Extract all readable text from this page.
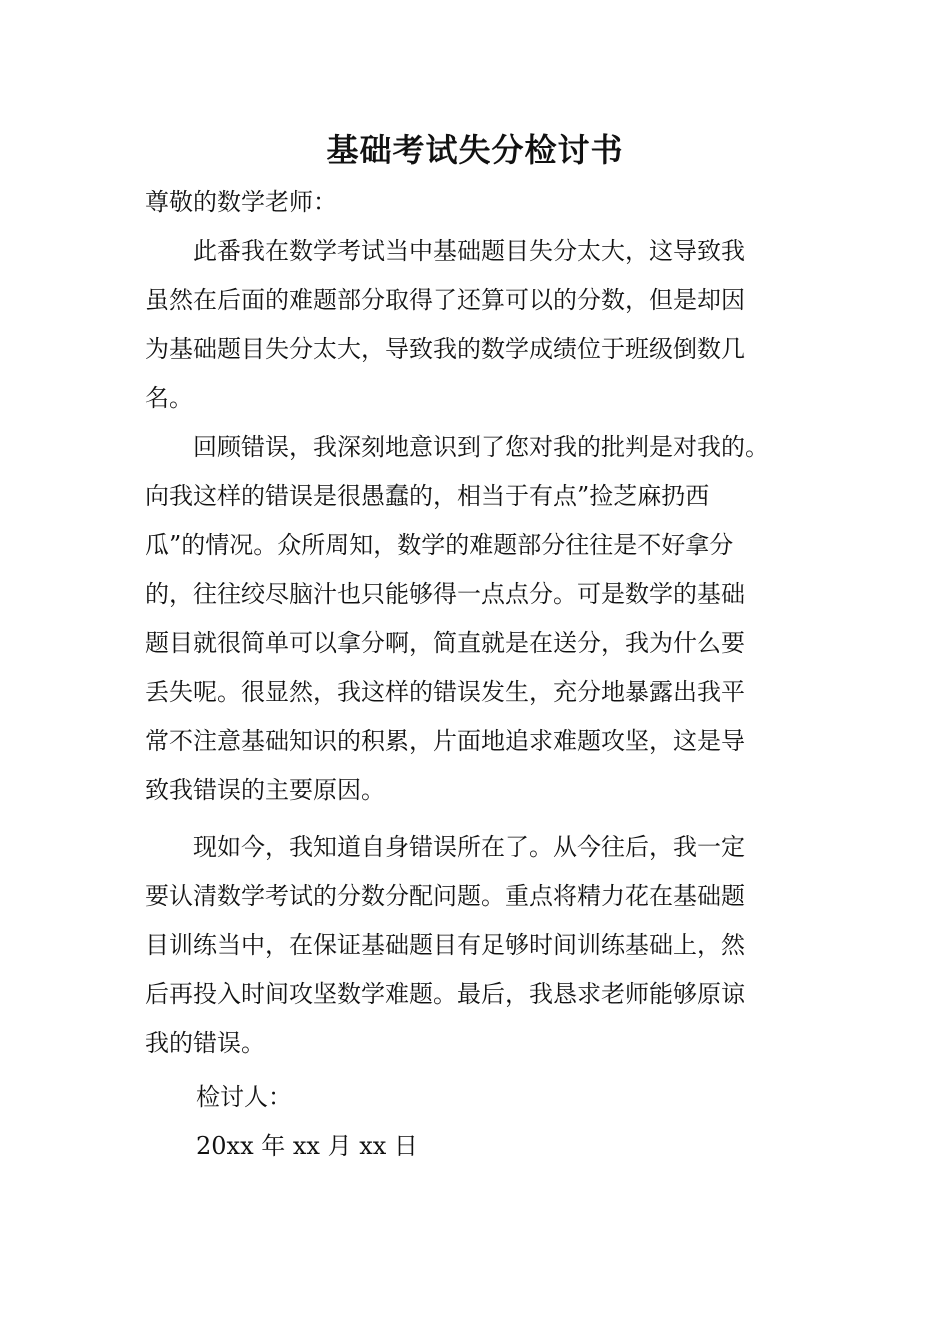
基础考试失分检讨书
尊敬的数学老师：
　　此番我在数学考试当中基础题目失分太大，这导致我
虽然在后面的难题部分取得了还算可以的分数，但是却因
为基础题目失分太大，导致我的数学成绩位于班级倒数几
名。
　　回顾错误，我深刻地意识到了您对我的批判是对我的。
向我这样的错误是很愚蠢的，相当于有点”捡芝麻扔西
瓜”的情况。众所周知，数学的难题部分往往是不好拿分
的，往往绞尽脑汁也只能够得一点点分。可是数学的基础
题目就很简单可以拿分啊，简直就是在送分，我为什么要
丢失呢。很显然，我这样的错误发生，充分地暴露出我平
常不注意基础知识的积累，片面地追求难题攻坚，这是导
致我错误的主要原因。
　　现如今，我知道自身错误所在了。从今往后，我一定
要认清数学考试的分数分配问题。重点将精力花在基础题
目训练当中，在保证基础题目有足够时间训练基础上，然
后再投入时间攻坚数学难题。最后，我恳求老师能够原谅
我的错误。
检讨人：
20xx 年 xx 月 xx 日
